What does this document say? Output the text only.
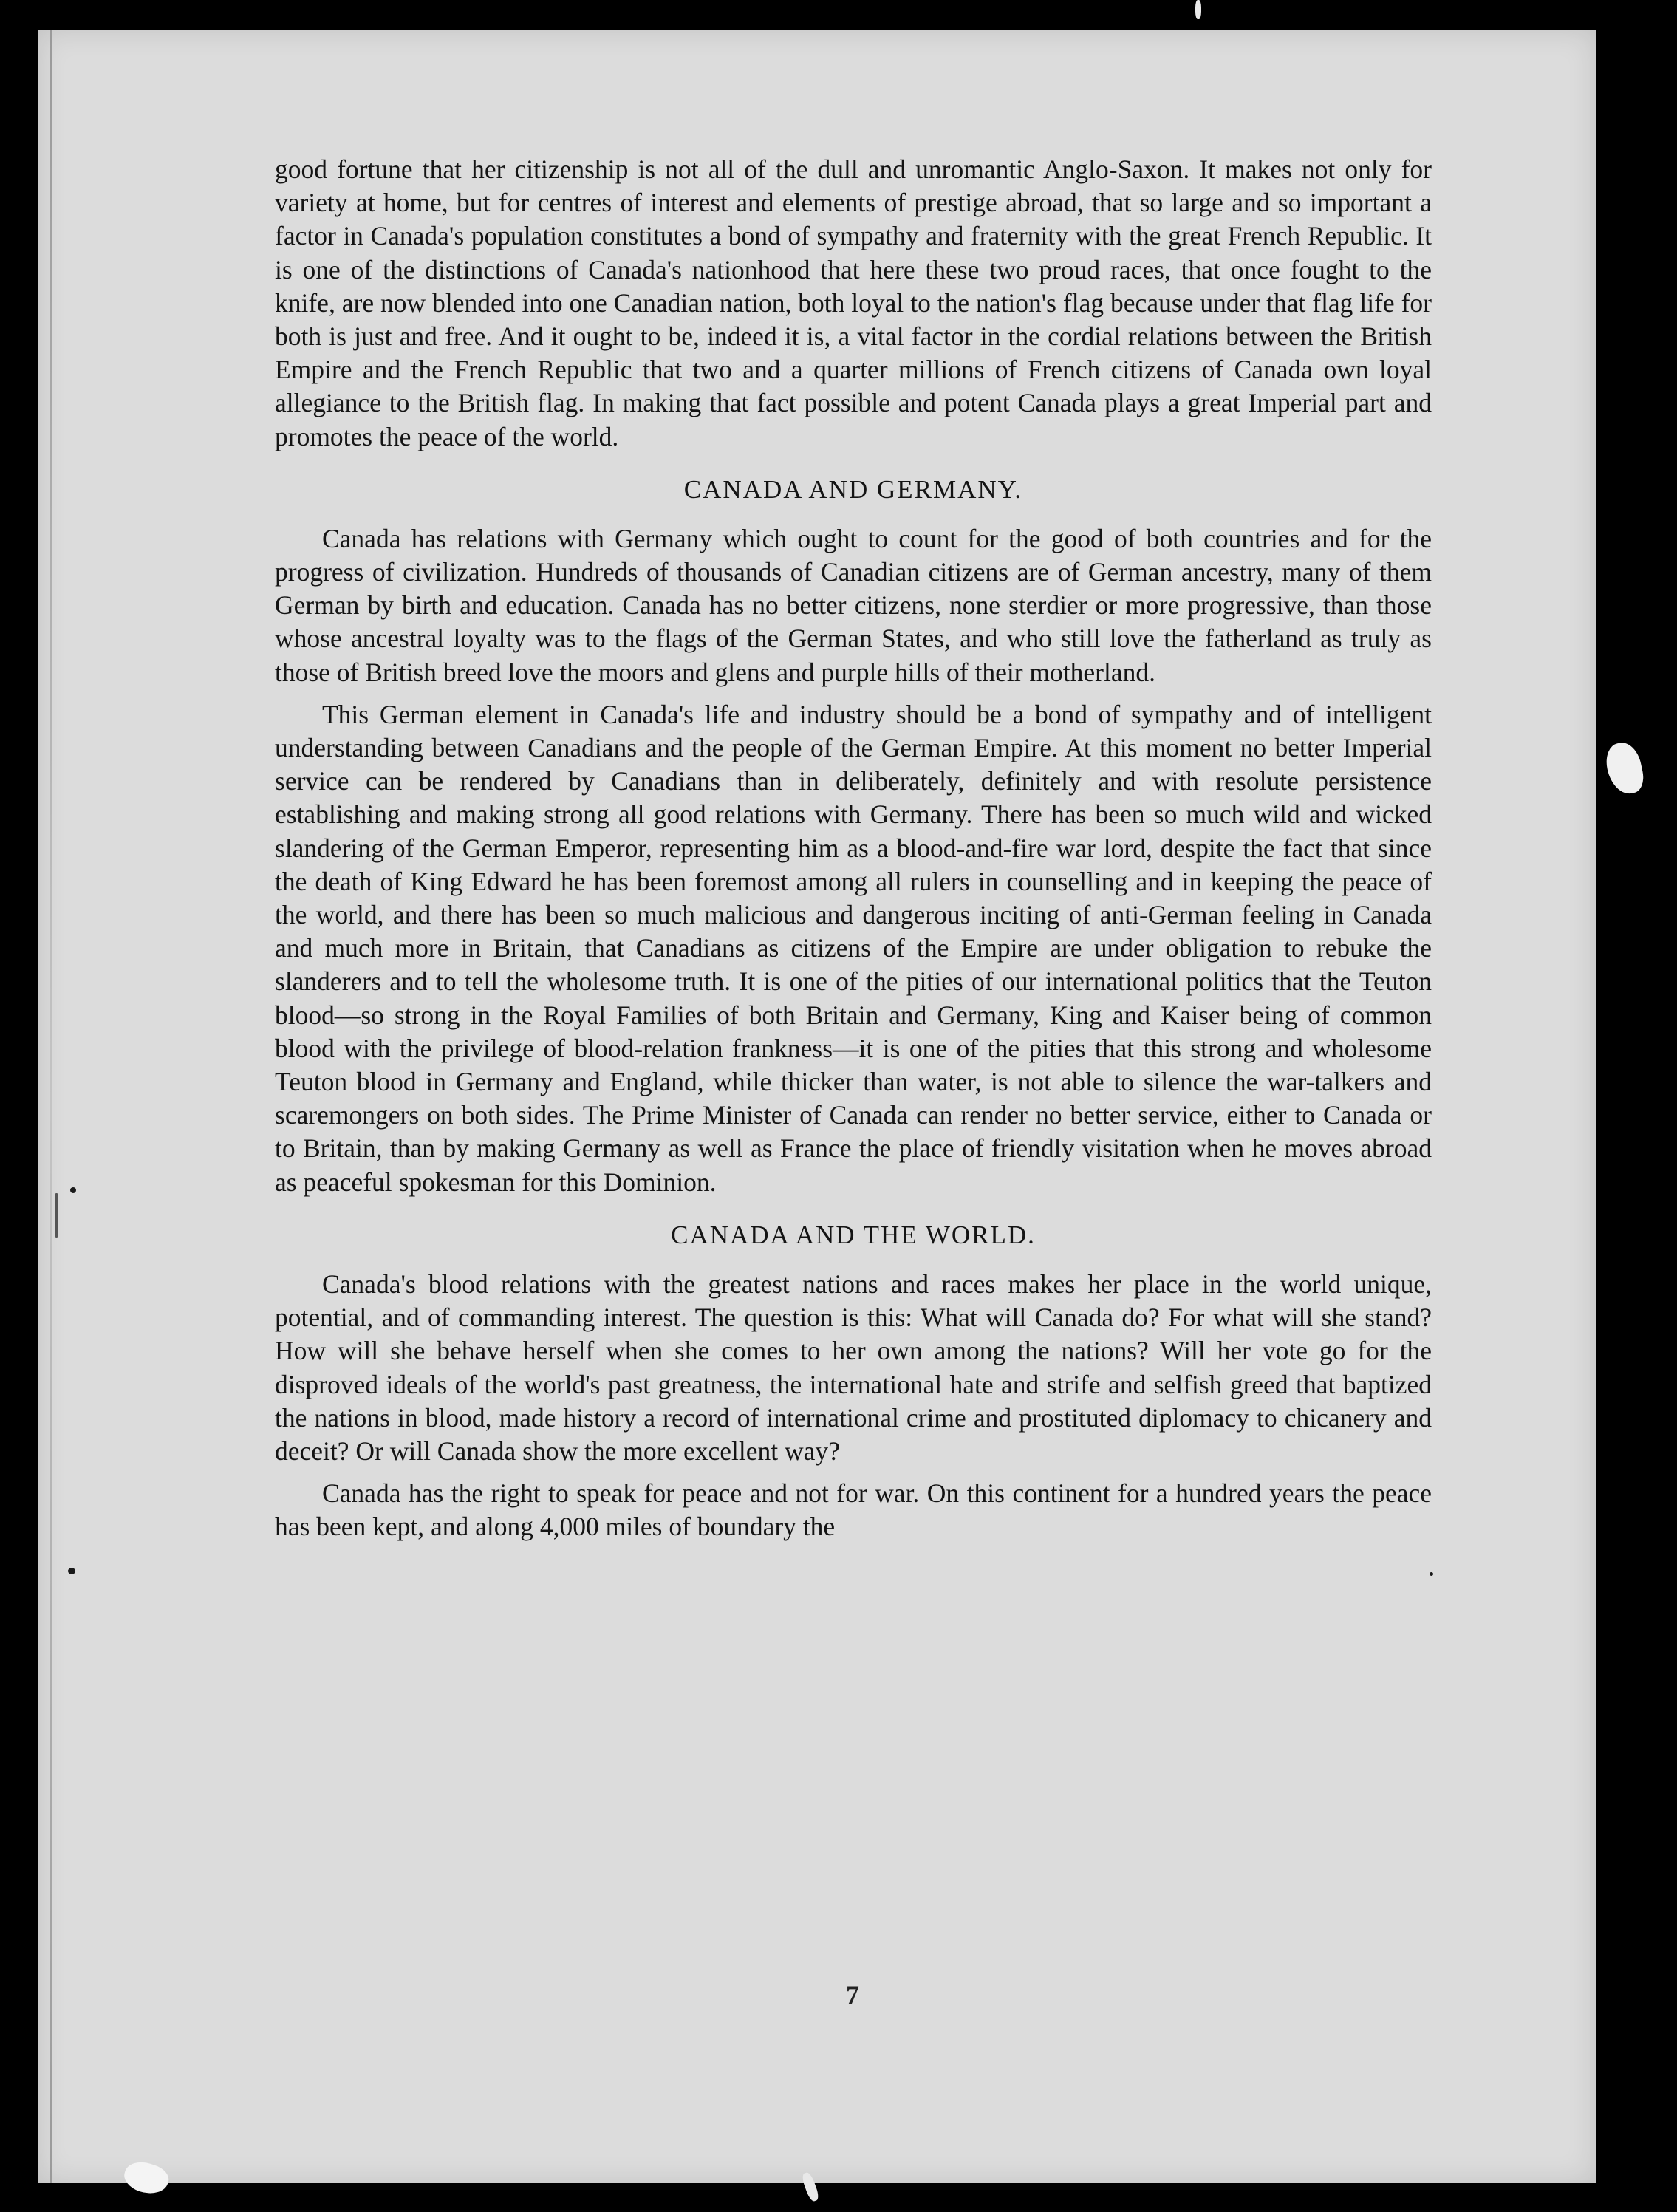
good fortune that her citizenship is not all of the dull and unromantic Anglo-Saxon. It makes not only for variety at home, but for centres of interest and elements of prestige abroad, that so large and so important a factor in Canada's population constitutes a bond of sympathy and fraternity with the great French Republic. It is one of the distinctions of Canada's nationhood that here these two proud races, that once fought to the knife, are now blended into one Canadian nation, both loyal to the nation's flag because under that flag life for both is just and free. And it ought to be, indeed it is, a vital factor in the cordial relations between the British Empire and the French Republic that two and a quarter millions of French citizens of Canada own loyal allegiance to the British flag. In making that fact possible and potent Canada plays a great Imperial part and promotes the peace of the world.

CANADA AND GERMANY.

Canada has relations with Germany which ought to count for the good of both countries and for the progress of civilization. Hundreds of thousands of Canadian citizens are of German ancestry, many of them German by birth and education. Canada has no better citizens, none sterdier or more progressive, than those whose ancestral loyalty was to the flags of the German States, and who still love the fatherland as truly as those of British breed love the moors and glens and purple hills of their motherland.

This German element in Canada's life and industry should be a bond of sympathy and of intelligent understanding between Canadians and the people of the German Empire. At this moment no better Imperial service can be rendered by Canadians than in deliberately, definitely and with resolute persistence establishing and making strong all good relations with Germany. There has been so much wild and wicked slandering of the German Emperor, representing him as a blood-and-fire war lord, despite the fact that since the death of King Edward he has been foremost among all rulers in counselling and in keeping the peace of the world, and there has been so much malicious and dangerous inciting of anti-German feeling in Canada and much more in Britain, that Canadians as citizens of the Empire are under obligation to rebuke the slanderers and to tell the wholesome truth. It is one of the pities of our international politics that the Teuton blood—so strong in the Royal Families of both Britain and Germany, King and Kaiser being of common blood with the privilege of blood-relation frankness—it is one of the pities that this strong and wholesome Teuton blood in Germany and England, while thicker than water, is not able to silence the war-talkers and scaremongers on both sides. The Prime Minister of Canada can render no better service, either to Canada or to Britain, than by making Germany as well as France the place of friendly visitation when he moves abroad as peaceful spokesman for this Dominion.

CANADA AND THE WORLD.

Canada's blood relations with the greatest nations and races makes her place in the world unique, potential, and of commanding interest. The question is this: What will Canada do? For what will she stand? How will she behave herself when she comes to her own among the nations? Will her vote go for the disproved ideals of the world's past greatness, the international hate and strife and selfish greed that baptized the nations in blood, made history a record of international crime and prostituted diplomacy to chicanery and deceit? Or will Canada show the more excellent way?

Canada has the right to speak for peace and not for war. On this continent for a hundred years the peace has been kept, and along 4,000 miles of boundary the

7
